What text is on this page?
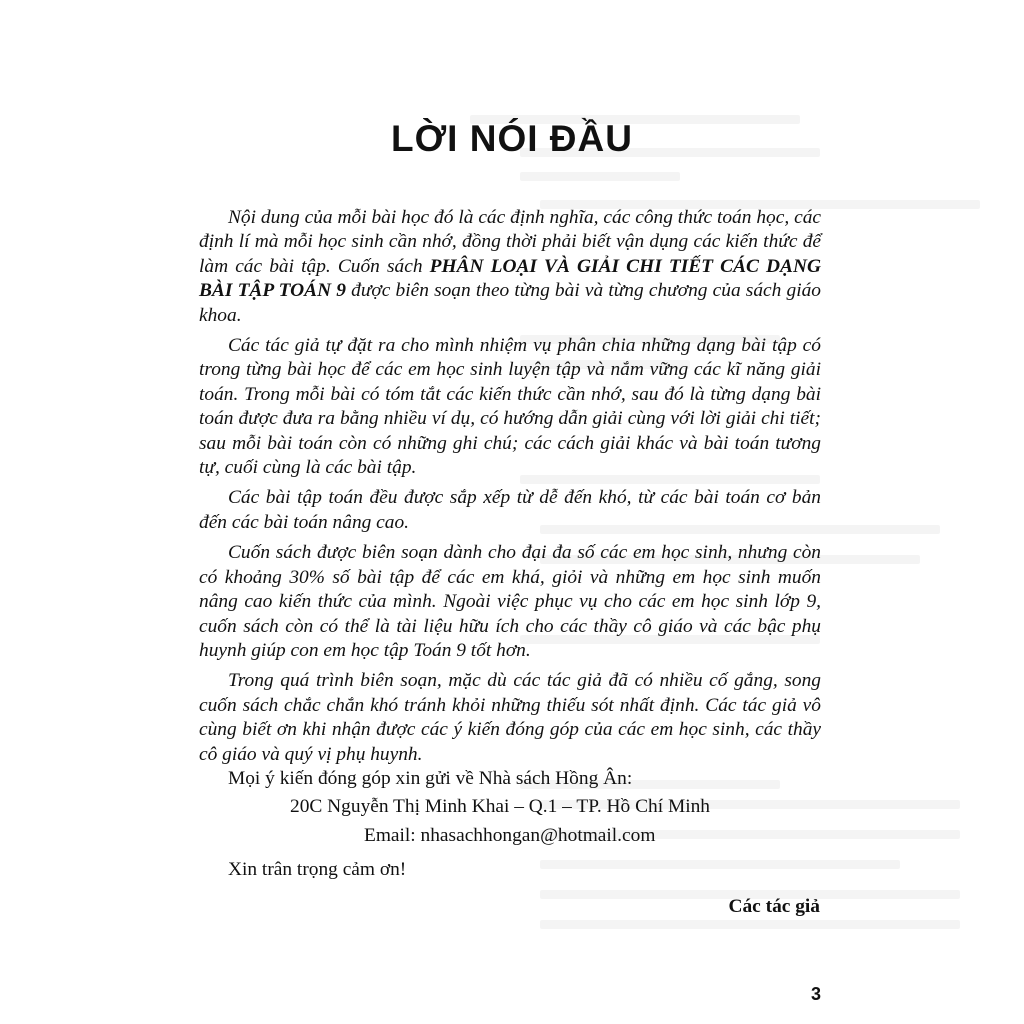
LỜI NÓI ĐẦU

Nội dung của mỗi bài học đó là các định nghĩa, các công thức toán học, các định lí mà mỗi học sinh cần nhớ, đồng thời phải biết vận dụng các kiến thức để làm các bài tập. Cuốn sách PHÂN LOẠI VÀ GIẢI CHI TIẾT CÁC DẠNG BÀI TẬP TOÁN 9 được biên soạn theo từng bài và từng chương của sách giáo khoa.

Các tác giả tự đặt ra cho mình nhiệm vụ phân chia những dạng bài tập có trong từng bài học để các em học sinh luyện tập và nắm vững các kĩ năng giải toán. Trong mỗi bài có tóm tắt các kiến thức cần nhớ, sau đó là từng dạng bài toán được đưa ra bằng nhiều ví dụ, có hướng dẫn giải cùng với lời giải chi tiết; sau mỗi bài toán còn có những ghi chú; các cách giải khác và bài toán tương tự, cuối cùng là các bài tập.

Các bài tập toán đều được sắp xếp từ dễ đến khó, từ các bài toán cơ bản đến các bài toán nâng cao.

Cuốn sách được biên soạn dành cho đại đa số các em học sinh, nhưng còn có khoảng 30% số bài tập để các em khá, giỏi và những em học sinh muốn nâng cao kiến thức của mình. Ngoài việc phục vụ cho các em học sinh lớp 9, cuốn sách còn có thể là tài liệu hữu ích cho các thầy cô giáo và các bậc phụ huynh giúp con em học tập Toán 9 tốt hơn.

Trong quá trình biên soạn, mặc dù các tác giả đã có nhiều cố gắng, song cuốn sách chắc chắn khó tránh khỏi những thiếu sót nhất định. Các tác giả vô cùng biết ơn khi nhận được các ý kiến đóng góp của các em học sinh, các thầy cô giáo và quý vị phụ huynh.

Mọi ý kiến đóng góp xin gửi về Nhà sách Hồng Ân:

20C Nguyễn Thị Minh Khai – Q.1 – TP. Hồ Chí Minh

Email: nhasachhongan@hotmail.com

Xin trân trọng cảm ơn!

Các tác giả

3
